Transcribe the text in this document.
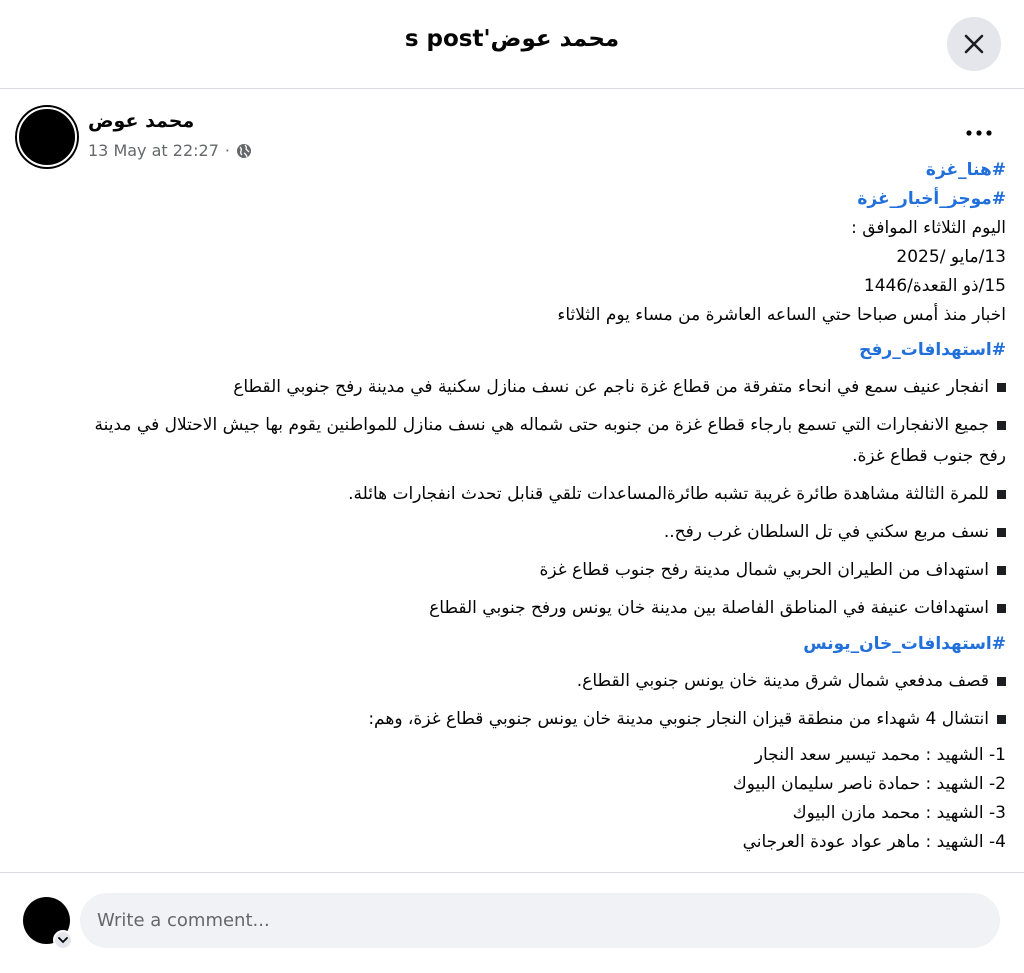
محمد عوض's post
محمد عوض
13 May at 22:27 ·
#هنا_غزة
#موجز_أخبار_غزة
اليوم الثلاثاء الموافق :
13/مايو /2025
15/ذو القعدة/1446
اخبار منذ أمس صباحا حتي الساعه العاشرة من مساء يوم الثلاثاء
#استهدافات_رفح
انفجار عنيف سمع في انحاء متفرقة من قطاع غزة ناجم عن نسف منازل سكنية في مدينة رفح جنوبي القطاع
جميع الانفجارات التي تسمع بارجاء قطاع غزة من جنوبه حتى شماله هي نسف منازل للمواطنين يقوم بها جيش الاحتلال في مدينة رفح جنوب قطاع غزة.
للمرة الثالثة مشاهدة طائرة غريبة تشبه طائرةالمساعدات تلقي قنابل تحدث انفجارات هائلة.
نسف مربع سكني في تل السلطان غرب رفح..
استهداف من الطيران الحربي شمال مدينة رفح جنوب قطاع غزة
استهدافات عنيفة في المناطق الفاصلة بين مدينة خان يونس ورفح جنوبي القطاع
#استهدافات_خان_يونس
قصف مدفعي شمال شرق مدينة خان يونس جنوبي القطاع.
انتشال 4 شهداء من منطقة قيزان النجار جنوبي مدينة خان يونس جنوبي قطاع غزة، وهم:
1- الشهيد : محمد تيسير سعد النجار
2- الشهيد : حمادة ناصر سليمان البيوك
3- الشهيد : محمد مازن البيوك
4- الشهيد : ماهر عواد عودة العرجاني
Write a comment...
